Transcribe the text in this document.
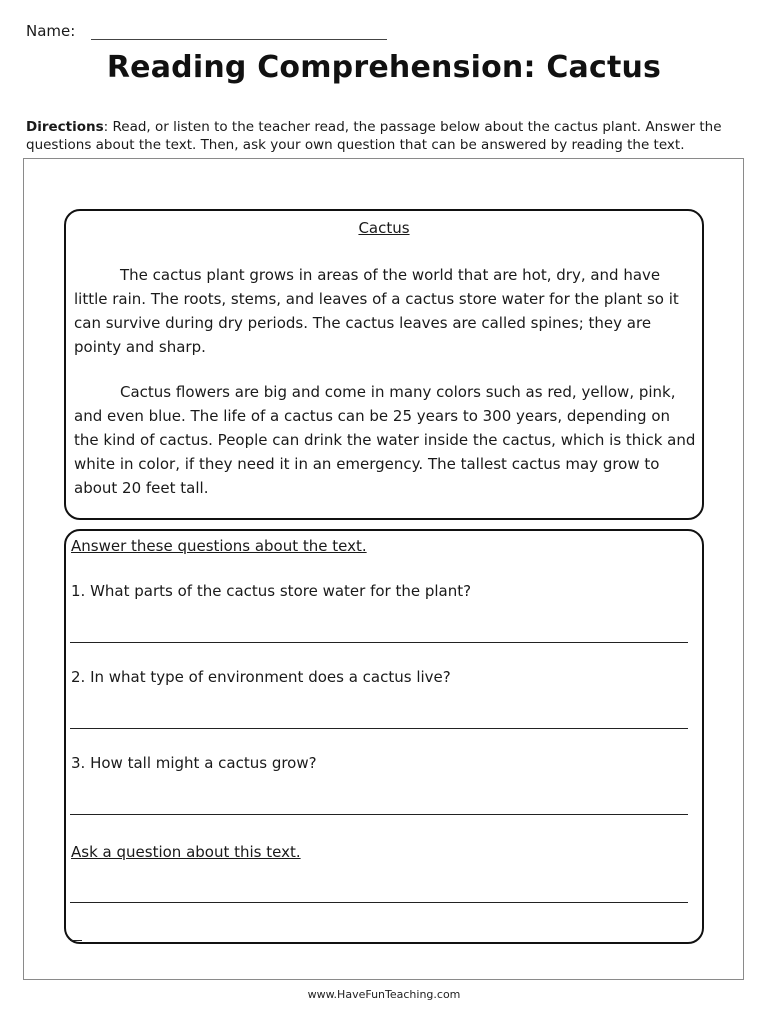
Name:
Reading Comprehension: Cactus
Directions: Read, or listen to the teacher read, the passage below about the cactus plant. Answer the questions about the text. Then, ask your own question that can be answered by reading the text.
Cactus

The cactus plant grows in areas of the world that are hot, dry, and have little rain. The roots, stems, and leaves of a cactus store water for the plant so it can survive during dry periods. The cactus leaves are called spines; they are pointy and sharp.

Cactus flowers are big and come in many colors such as red, yellow, pink, and even blue. The life of a cactus can be 25 years to 300 years, depending on the kind of cactus. People can drink the water inside the cactus, which is thick and white in color, if they need it in an emergency. The tallest cactus may grow to about 20 feet tall.

Answer these questions about the text.
1. What parts of the cactus store water for the plant?
2. In what type of environment does a cactus live?
3. How tall might a cactus grow?
Ask a question about this text.
www.HaveFunTeaching.com
